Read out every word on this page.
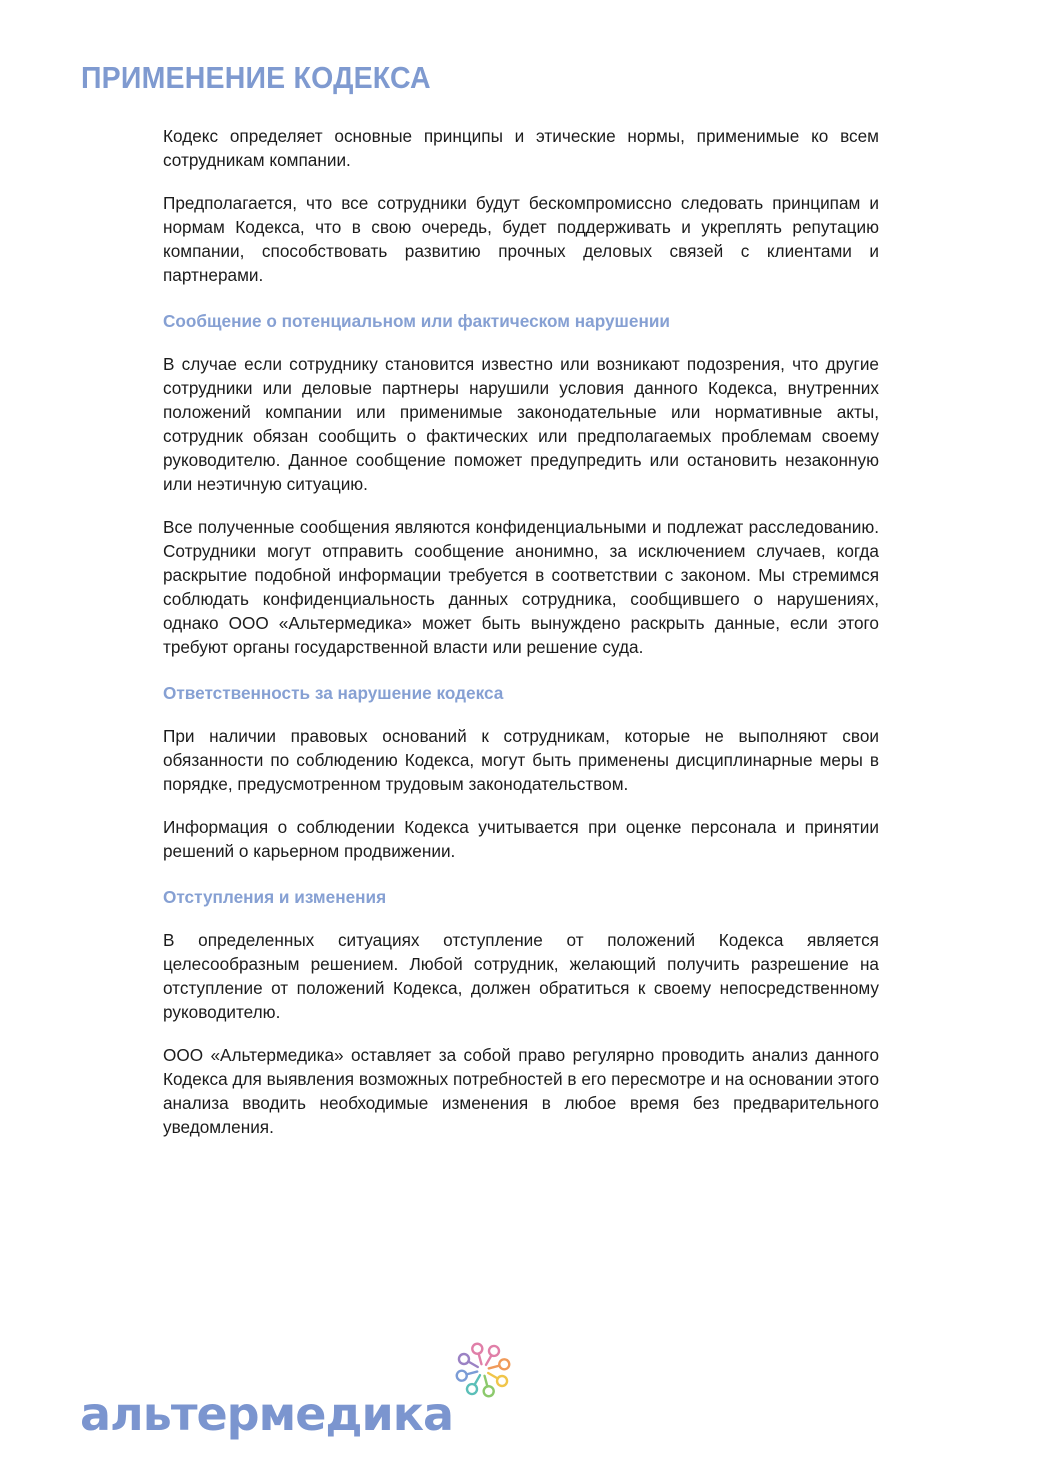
ПРИМЕНЕНИЕ КОДЕКСА

Кодекс определяет основные принципы и этические нормы, применимые ко всем сотрудникам компании.

Предполагается, что все сотрудники будут бескомпромиссно следовать принципам и нормам Кодекса, что в свою очередь, будет поддерживать и укреплять репутацию компании, способствовать развитию прочных деловых связей с клиентами и партнерами.

Сообщение о потенциальном или фактическом нарушении

В случае если сотруднику становится известно или возникают подозрения, что другие сотрудники или деловые партнеры нарушили условия данного Кодекса, внутренних положений компании или применимые законодательные или нормативные акты, сотрудник обязан сообщить о фактических или предполагаемых проблемам своему руководителю. Данное сообщение поможет предупредить или остановить незаконную или неэтичную ситуацию.

Все полученные сообщения являются конфиденциальными и подлежат расследованию. Сотрудники могут отправить сообщение анонимно, за исключением случаев, когда раскрытие подобной информации требуется в соответствии с законом. Мы стремимся соблюдать конфиденциальность данных сотрудника, сообщившего о нарушениях, однако ООО «Альтермедика» может быть вынуждено раскрыть данные, если этого требуют органы государственной власти или решение суда.

Ответственность за нарушение кодекса

При наличии правовых оснований к сотрудникам, которые не выполняют свои обязанности по соблюдению Кодекса, могут быть применены дисциплинарные меры в порядке, предусмотренном трудовым законодательством.

Информация о соблюдении Кодекса учитывается при оценке персонала и принятии решений о карьерном продвижении.

Отступления и изменения

В определенных ситуациях отступление от положений Кодекса является целесообразным решением. Любой сотрудник, желающий получить разрешение на отступление от положений Кодекса, должен обратиться к своему непосредственному руководителю.

ООО «Альтермедика» оставляет за собой право регулярно проводить анализ данного Кодекса для выявления возможных потребностей в его пересмотре и на основании этого анализа вводить необходимые изменения в любое время без предварительного уведомления.

альтермедика
